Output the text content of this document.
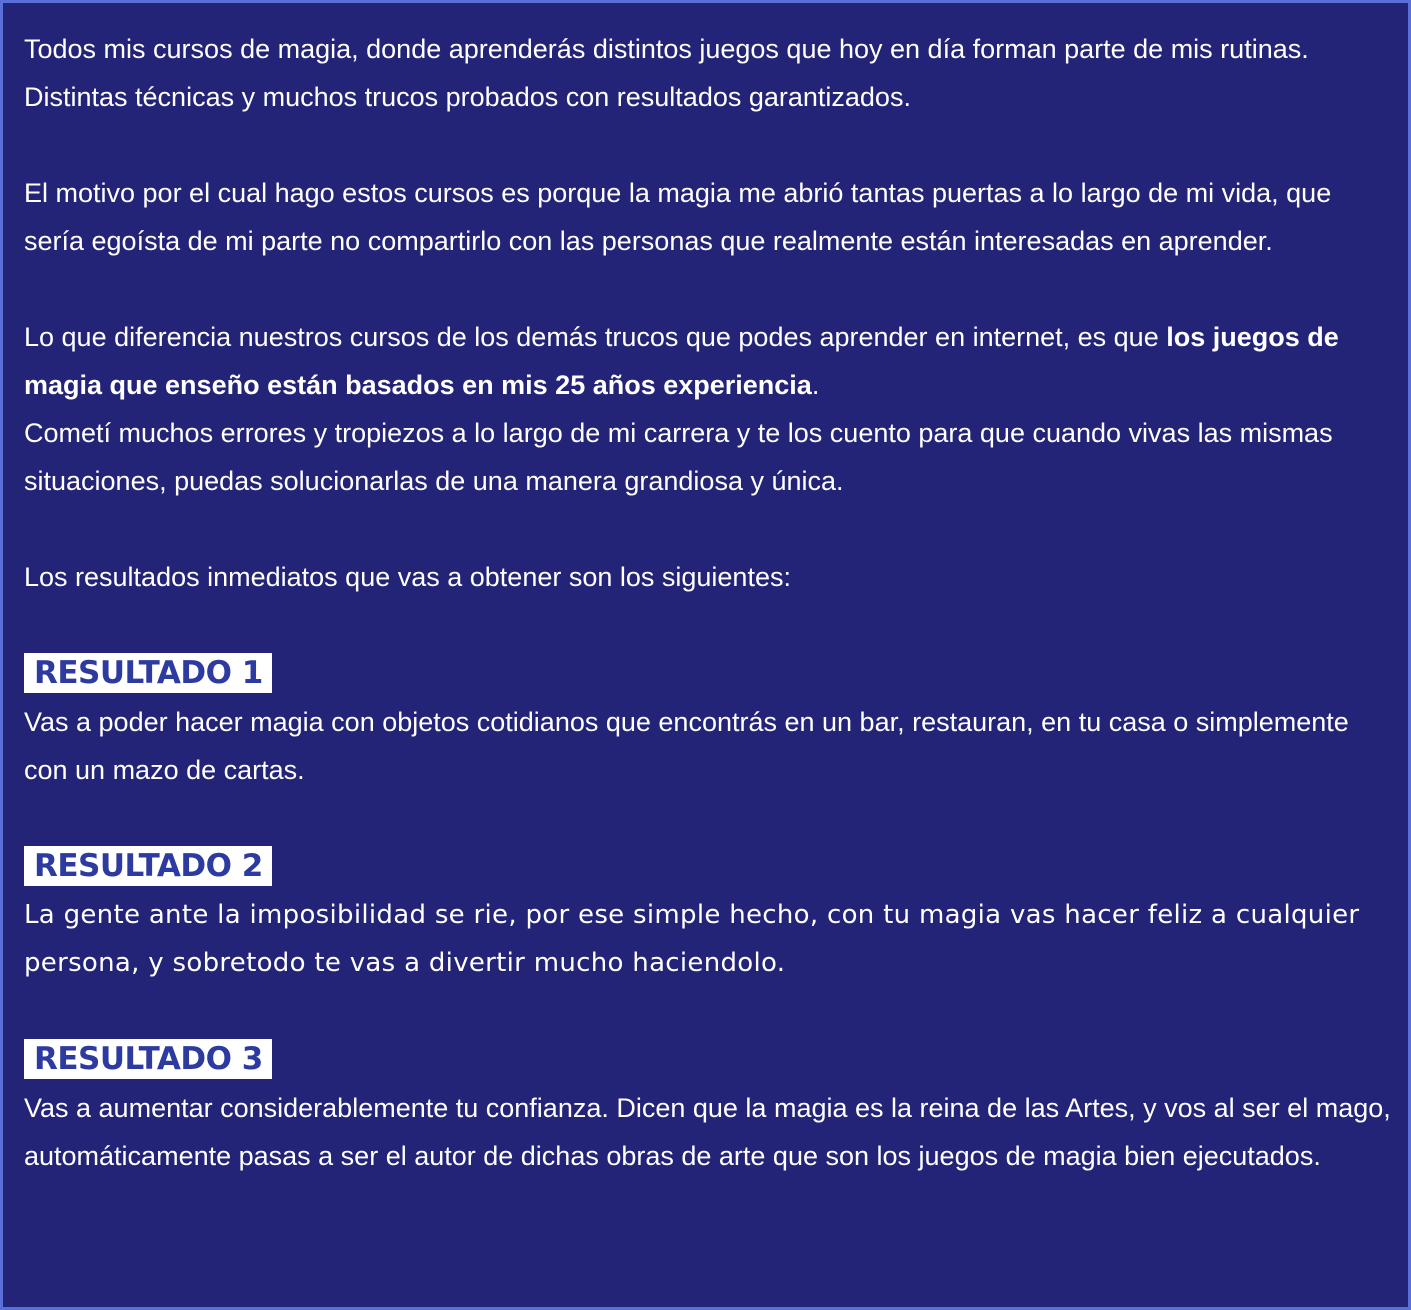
Todos mis cursos de magia, donde aprenderás distintos juegos que hoy en día forman parte de mis rutinas. Distintas técnicas y muchos trucos probados con resultados garantizados.

El motivo por el cual hago estos cursos es porque la magia me abrió tantas puertas a lo largo de mi vida, que sería egoísta de mi parte no compartirlo con las personas que realmente están interesadas en aprender.

Lo que diferencia nuestros cursos de los demás trucos que podes aprender en internet, es que los juegos de magia que enseño están basados en mis 25 años experiencia.

Cometí muchos errores y tropiezos a lo largo de mi carrera y te los cuento para que cuando vivas las mismas situaciones, puedas solucionarlas de una manera grandiosa y única.

Los resultados inmediatos que vas a obtener son los siguientes:

RESULTADO 1

Vas a poder hacer magia con objetos cotidianos que encontrás en un bar, restauran, en tu casa o simplemente con un mazo de cartas.

RESULTADO 2

La gente ante la imposibilidad se rie, por ese simple hecho, con tu magia vas hacer feliz a cualquier persona, y sobretodo te vas a divertir mucho haciendolo.

RESULTADO 3

Vas a aumentar considerablemente tu confianza. Dicen que la magia es la reina de las Artes, y vos al ser el mago, automáticamente pasas a ser el autor de dichas obras de arte que son los juegos de magia bien ejecutados.
